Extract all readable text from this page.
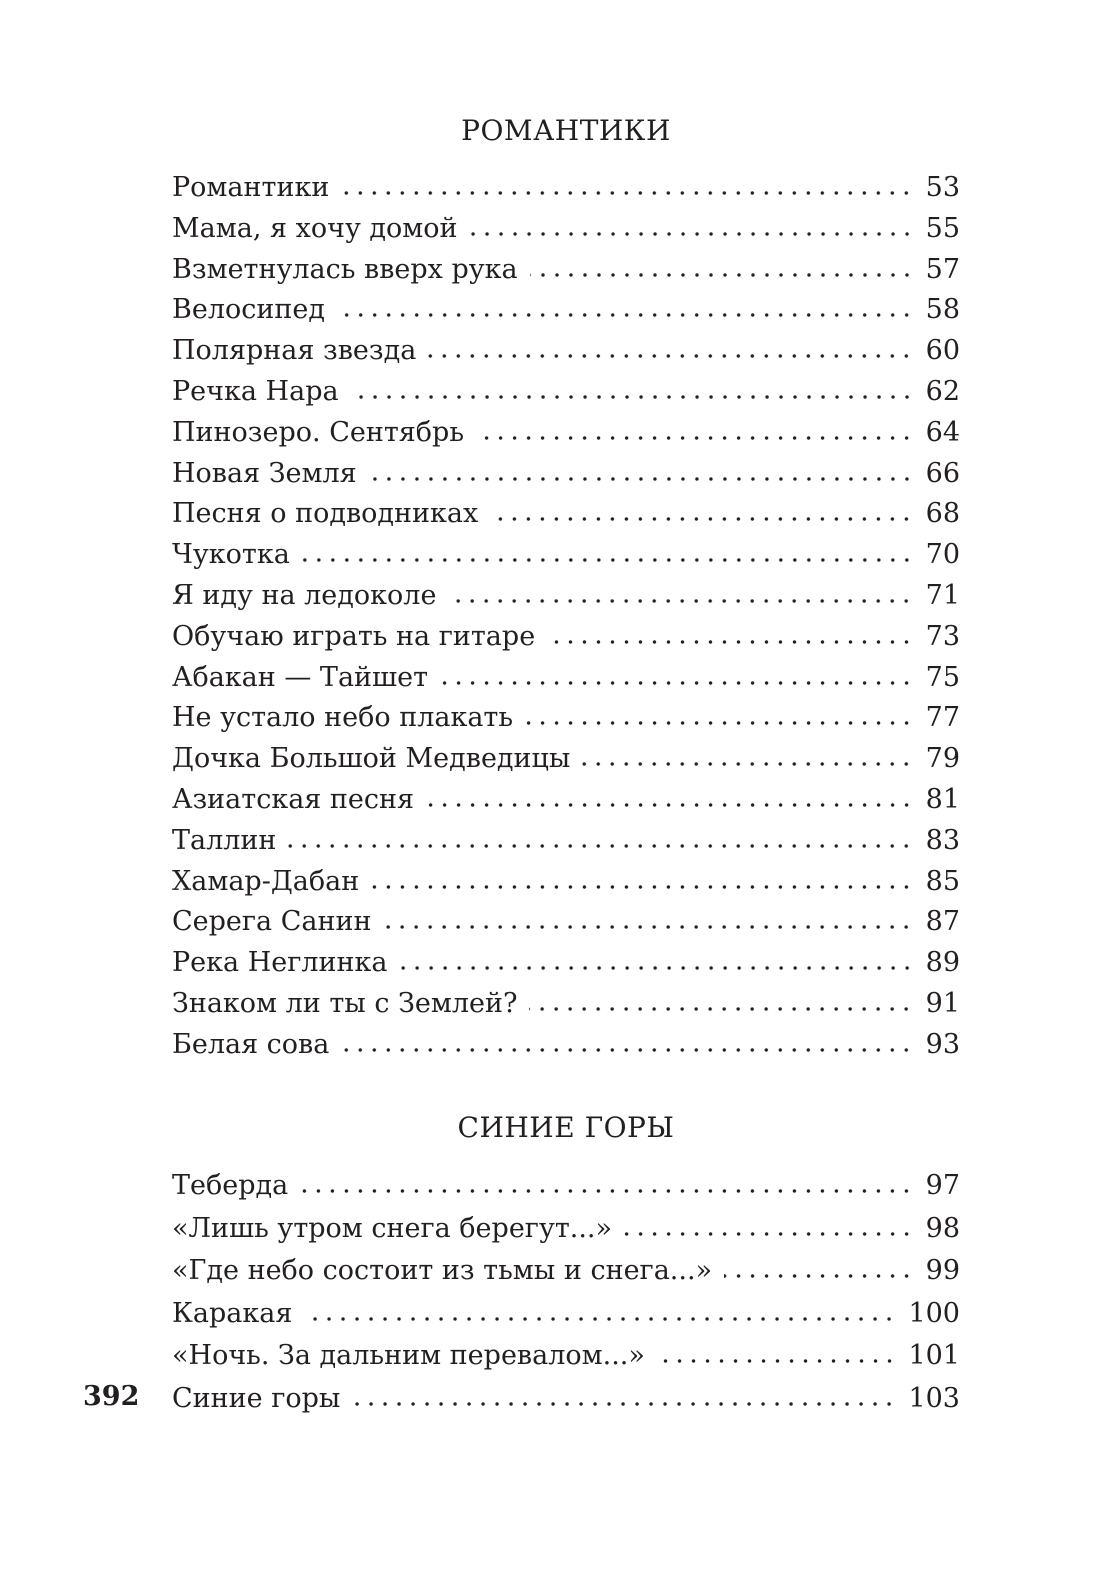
РОМАНТИКИ
Романтики	53
Мама, я хочу домой	55
Взметнулась вверх рука	57
Велосипед	58
Полярная звезда	60
Речка Нара	62
Пинозеро. Сентябрь	64
Новая Земля	66
Песня о подводниках	68
Чукотка	70
Я иду на ледоколе	71
Обучаю играть на гитаре	73
Абакан — Тайшет	75
Не устало небо плакать	77
Дочка Большой Медведицы	79
Азиатская песня	81
Таллин	83
Хамар-Дабан	85
Серега Санин	87
Река Неглинка	89
Знаком ли ты с Землей?	91
Белая сова	93
СИНИЕ ГОРЫ
Теберда	97
«Лишь утром снега берегут...»	98
«Где небо состоит из тьмы и снега...»	99
Каракая	100
«Ночь. За дальним перевалом...»	101
Синие горы	103
392
